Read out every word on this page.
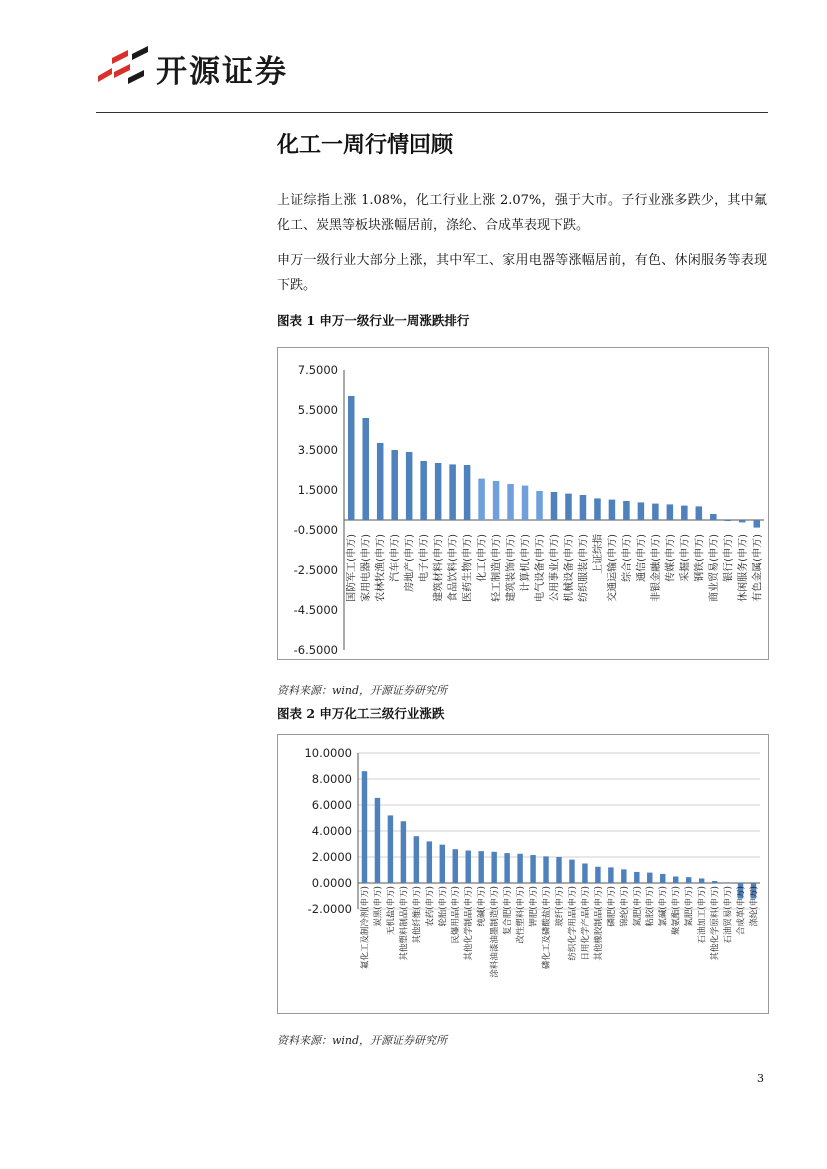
开源证券
化工一周行情回顾

上证综指上涨 1.08%，化工行业上涨 2.07%，强于大市。子行业涨多跌少，其中氟化工、炭黑等板块涨幅居前，涤纶、合成革表现下跌。

申万一级行业大部分上涨，其中军工、家用电器等涨幅居前，有色、休闲服务等表现下跌。

图表 1 申万一级行业一周涨跌排行
7.5000
5.5000
3.5000
1.5000
-0.5000
-2.5000
-4.5000
-6.5000
国防军工(申万) 家用电器(申万) 农林牧渔(申万) 汽车(申万) 房地产(申万) 电子(申万) 建筑材料(申万) 食品饮料(申万) 医药生物(申万) 化工(申万) 轻工制造(申万) 建筑装饰(申万) 计算机(申万) 电气设备(申万) 公用事业(申万) 机械设备(申万) 纺织服装(申万) 上证综指 交通运输(申万) 综合(申万) 通信(申万) 非银金融(申万) 传媒(申万) 采掘(申万) 钢铁(申万) 商业贸易(申万) 银行(申万) 休闲服务(申万) 有色金属(申万)
资料来源：wind，开源证券研究所
图表 2 申万化工三级行业涨跌
10.0000
8.0000
6.0000
4.0000
2.0000
0.0000
-2.0000 氟化工及制冷剂(申万) 炭黑(申万) 无机盐(申万) 其他塑料制品(申万) 其他纤维(申万) 农药(申万) 轮胎(申万) 民爆用品(申万) 其他化学制品(申万) 纯碱(申万) 涂料油漆油墨制造(申万) 复合肥(申万) 改性塑料(申万) 钾肥(申万) 磷化工及磷酸盐(申万) 玻纤(申万) 纺织化学用品(申万) 日用化学产品(申万) 其他橡胶制品(申万) 磷肥(申万) 锦纶(申万) 氮肥(申万) 粘胶(申万) 氯碱(申万) 聚氨酯(申万) 氮肥(申万) 石油加工(申万) 其他化学原料(申万) 石油贸易(申万) 合成革(申万) 涤纶(申万)
资料来源：wind，开源证券研究所
3
